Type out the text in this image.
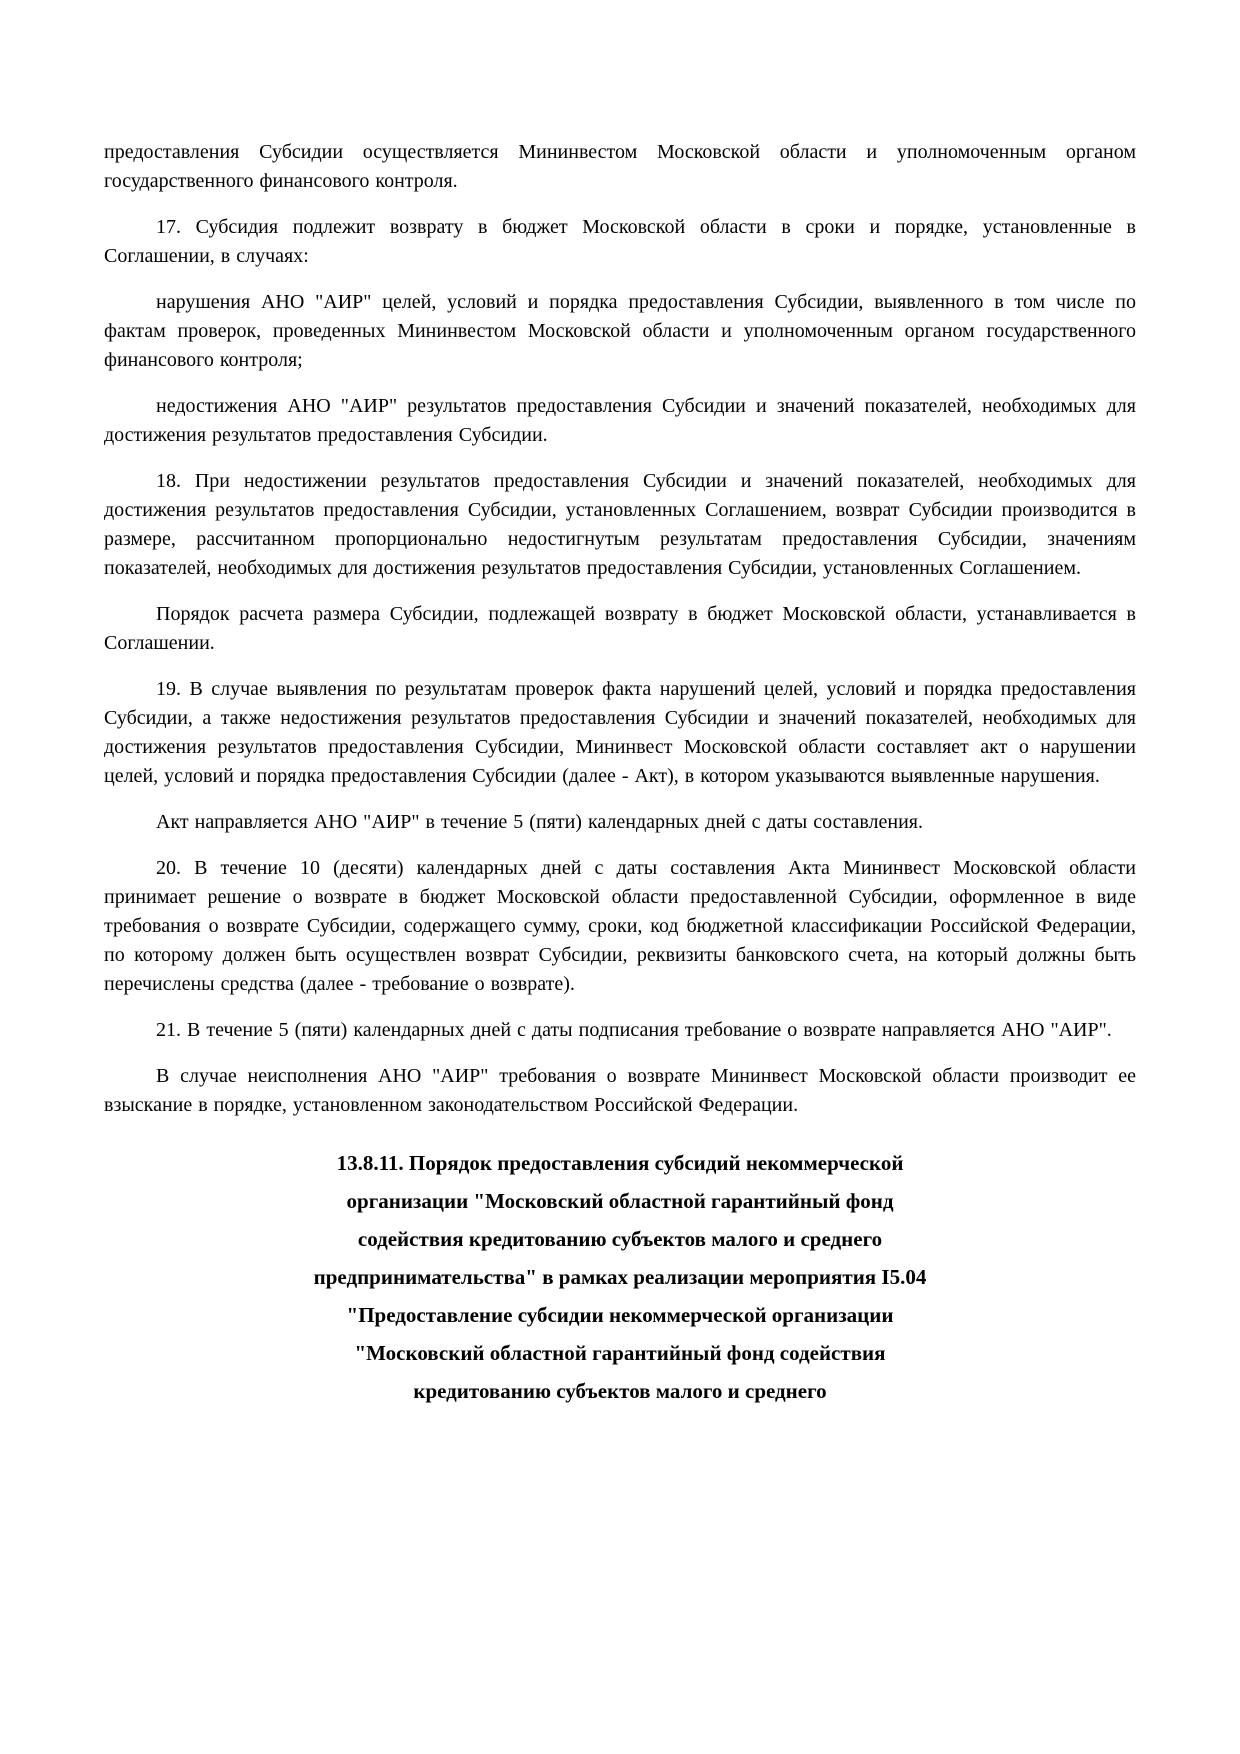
предоставления Субсидии осуществляется Мининвестом Московской области и уполномоченным органом государственного финансового контроля.

17. Субсидия подлежит возврату в бюджет Московской области в сроки и порядке, установленные в Соглашении, в случаях:

нарушения АНО "АИР" целей, условий и порядка предоставления Субсидии, выявленного в том числе по фактам проверок, проведенных Мининвестом Московской области и уполномоченным органом государственного финансового контроля;

недостижения АНО "АИР" результатов предоставления Субсидии и значений показателей, необходимых для достижения результатов предоставления Субсидии.

18. При недостижении результатов предоставления Субсидии и значений показателей, необходимых для достижения результатов предоставления Субсидии, установленных Соглашением, возврат Субсидии производится в размере, рассчитанном пропорционально недостигнутым результатам предоставления Субсидии, значениям показателей, необходимых для достижения результатов предоставления Субсидии, установленных Соглашением.

Порядок расчета размера Субсидии, подлежащей возврату в бюджет Московской области, устанавливается в Соглашении.

19. В случае выявления по результатам проверок факта нарушений целей, условий и порядка предоставления Субсидии, а также недостижения результатов предоставления Субсидии и значений показателей, необходимых для достижения результатов предоставления Субсидии, Мининвест Московской области составляет акт о нарушении целей, условий и порядка предоставления Субсидии (далее - Акт), в котором указываются выявленные нарушения.

Акт направляется АНО "АИР" в течение 5 (пяти) календарных дней с даты составления.

20. В течение 10 (десяти) календарных дней с даты составления Акта Мининвест Московской области принимает решение о возврате в бюджет Московской области предоставленной Субсидии, оформленное в виде требования о возврате Субсидии, содержащего сумму, сроки, код бюджетной классификации Российской Федерации, по которому должен быть осуществлен возврат Субсидии, реквизиты банковского счета, на который должны быть перечислены средства (далее - требование о возврате).

21. В течение 5 (пяти) календарных дней с даты подписания требование о возврате направляется АНО "АИР".

В случае неисполнения АНО "АИР" требования о возврате Мининвест Московской области производит ее взыскание в порядке, установленном законодательством Российской Федерации.

13.8.11. Порядок предоставления субсидий некоммерческой
организации "Московский областной гарантийный фонд
содействия кредитованию субъектов малого и среднего
предпринимательства" в рамках реализации мероприятия I5.04
"Предоставление субсидии некоммерческой организации
"Московский областной гарантийный фонд содействия
кредитованию субъектов малого и среднего
